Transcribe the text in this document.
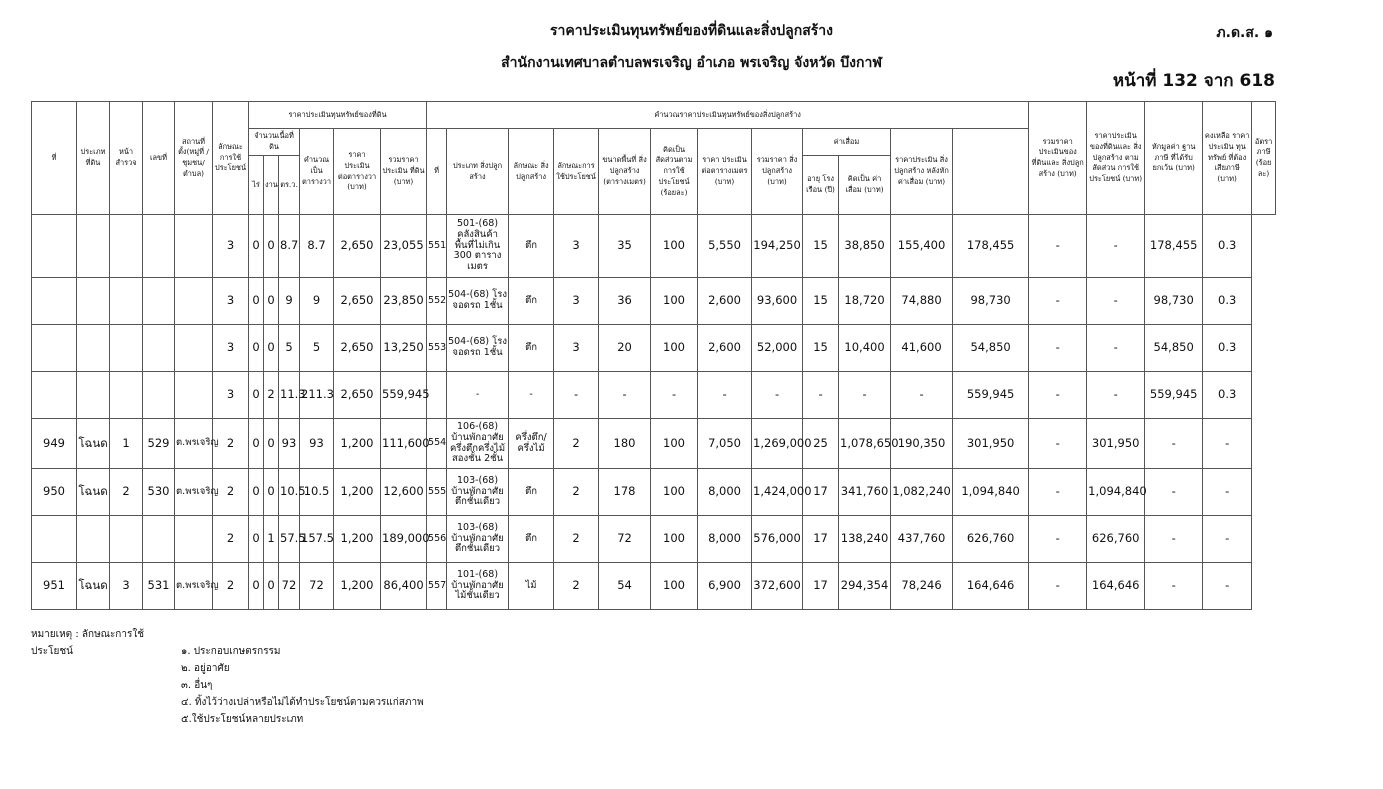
ราคาประเมินทุนทรัพย์ของที่ดินและสิ่งปลูกสร้าง
สำนักงานเทศบาลตำบลพรเจริญ อำเภอ พรเจริญ จังหวัด บึงกาฬ
ภ.ด.ส. ๑
หน้าที่ 132 จาก 618
ที่	ประเภท ที่ดิน	หน้า สำรวจ	เลขที่	สถานที่ ตั้ง(หมู่ที่ /ชุมชน/ ตำบล)	ลักษณะ การใช้ ประโยชน์	ราคาประเมินทุนทรัพย์ของที่ดิน						คำนวณราคาประเมินทุนทรัพย์ของสิ่งปลูกสร้าง												รวมราคา ประเมินของ ที่ดินและ สิ่งปลูกสร้าง (บาท)	ราคาประเมิน ของที่ดินและ สิ่งปลูกสร้าง ตามสัดส่วน การใช้ประโยชน์ (บาท)	หักมูลค่า ฐานภาษี ที่ได้รับ ยกเว้น (บาท)	คงเหลือ ราคาประเมิน ทุนทรัพย์ ที่ต้องเสียภาษี (บาท)	อัตราภาษี (ร้อยละ)
						จำนวนเนื้อที่ดิน			คำนวณ เป็น ตารางวา	ราคา ประเมิน ต่อตารางวา (บาท)	รวมราคา ประเมิน ที่ดิน (บาท)	ที่	ประเภท สิ่งปลูกสร้าง	ลักษณะ สิ่งปลูกสร้าง	ลักษณะการ ใช้ประโยชน์	ขนาดพื้นที่ สิ่งปลูกสร้าง (ตารางเมตร)	คิดเป็น สัดส่วนตาม การใช้ ประโยชน์ (ร้อยละ)	ราคา ประเมิน ต่อตารางเมตร (บาท)	รวมราคา สิ่งปลูกสร้าง (บาท)	ค่าเสื่อม		ราคาประเมิน สิ่งปลูกสร้าง หลังหัก ค่าเสื่อม (บาท)						
						ไร่	งาน	ตร.ว.												อายุ โรงเรือน (ปี)	คิดเป็น ค่าเสื่อม (บาท)							
					3	0	0	8.7	8.7	2,650	23,055	551	501-(68) คลังสินค้า พื้นที่ไม่เกิน 300 ตารางเมตร	ตึก	3	35	100	5,550	194,250	15	38,850	155,400	178,455	-	-	178,455	0.3	
					3	0	0	9	9	2,650	23,850	552	504-(68) โรงจอดรถ 1ชั้น	ตึก	3	36	100	2,600	93,600	15	18,720	74,880	98,730	-	-	98,730	0.3	
					3	0	0	5	5	2,650	13,250	553	504-(68) โรงจอดรถ 1ชั้น	ตึก	3	20	100	2,600	52,000	15	10,400	41,600	54,850	-	-	54,850	0.3	
					3	0	2	11.3	211.3	2,650	559,945		-	-	-	-	-	-	-	-	-	-	559,945	-	-	559,945	0.3	
949	โฉนด	1	529	ต.พรเจริญ	2	0	0	93	93	1,200	111,600	554	106-(68) บ้านพักอาศัยครึ่งตึกครึ่งไม้สองชั้น 2ชั้น	ครึ่งตึก/ครึ่งไม้	2	180	100	7,050	1,269,000	25	1,078,650	190,350	301,950	-	301,950	-	-	
950	โฉนด	2	530	ต.พรเจริญ	2	0	0	10.5	10.5	1,200	12,600	555	103-(68) บ้านพักอาศัยตึกชั้นเดียว	ตึก	2	178	100	8,000	1,424,000	17	341,760	1,082,240	1,094,840	-	1,094,840	-	-	
					2	0	1	57.5	157.5	1,200	189,000	556	103-(68) บ้านพักอาศัยตึกชั้นเดียว	ตึก	2	72	100	8,000	576,000	17	138,240	437,760	626,760	-	626,760	-	-	
951	โฉนด	3	531	ต.พรเจริญ	2	0	0	72	72	1,200	86,400	557	101-(68) บ้านพักอาศัยไม้ชั้นเดียว	ไม้	2	54	100	6,900	372,600	17	294,354	78,246	164,646	-	164,646	-	-	
หมายเหตุ : ลักษณะการใช้ประโยชน์	๑. ประกอบเกษตรกรรม
๒. อยู่อาศัย
๓. อื่นๆ
๔. ทิ้งไว้ว่างเปล่าหรือไม่ได้ทำประโยชน์ตามควรแก่สภาพ
๕.ใช้ประโยชน์หลายประเภท
